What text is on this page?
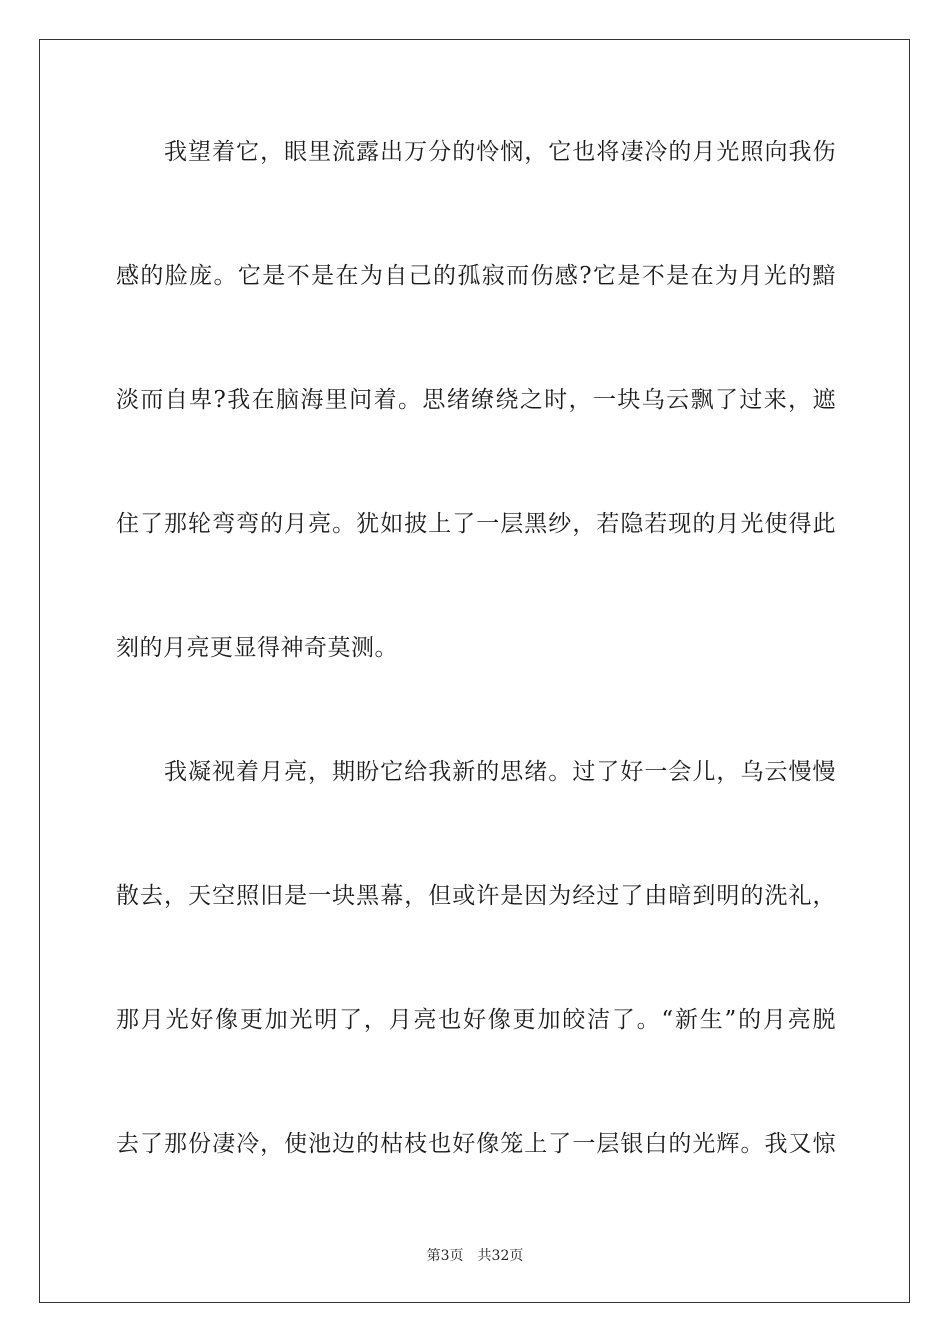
我望着它，眼里流露出万分的怜悯，它也将凄冷的月光照向我伤
感的脸庞。它是不是在为自己的孤寂而伤感?它是不是在为月光的黯
淡而自卑?我在脑海里问着。思绪缭绕之时，一块乌云飘了过来，遮
住了那轮弯弯的月亮。犹如披上了一层黑纱，若隐若现的月光使得此
刻的月亮更显得神奇莫测。
我凝视着月亮，期盼它给我新的思绪。过了好一会儿，乌云慢慢
散去，天空照旧是一块黑幕，但或许是因为经过了由暗到明的洗礼，
那月光好像更加光明了，月亮也好像更加皎洁了。“新生”的月亮脱
去了那份凄冷，使池边的枯枝也好像笼上了一层银白的光辉。我又惊
第3页 共32页
